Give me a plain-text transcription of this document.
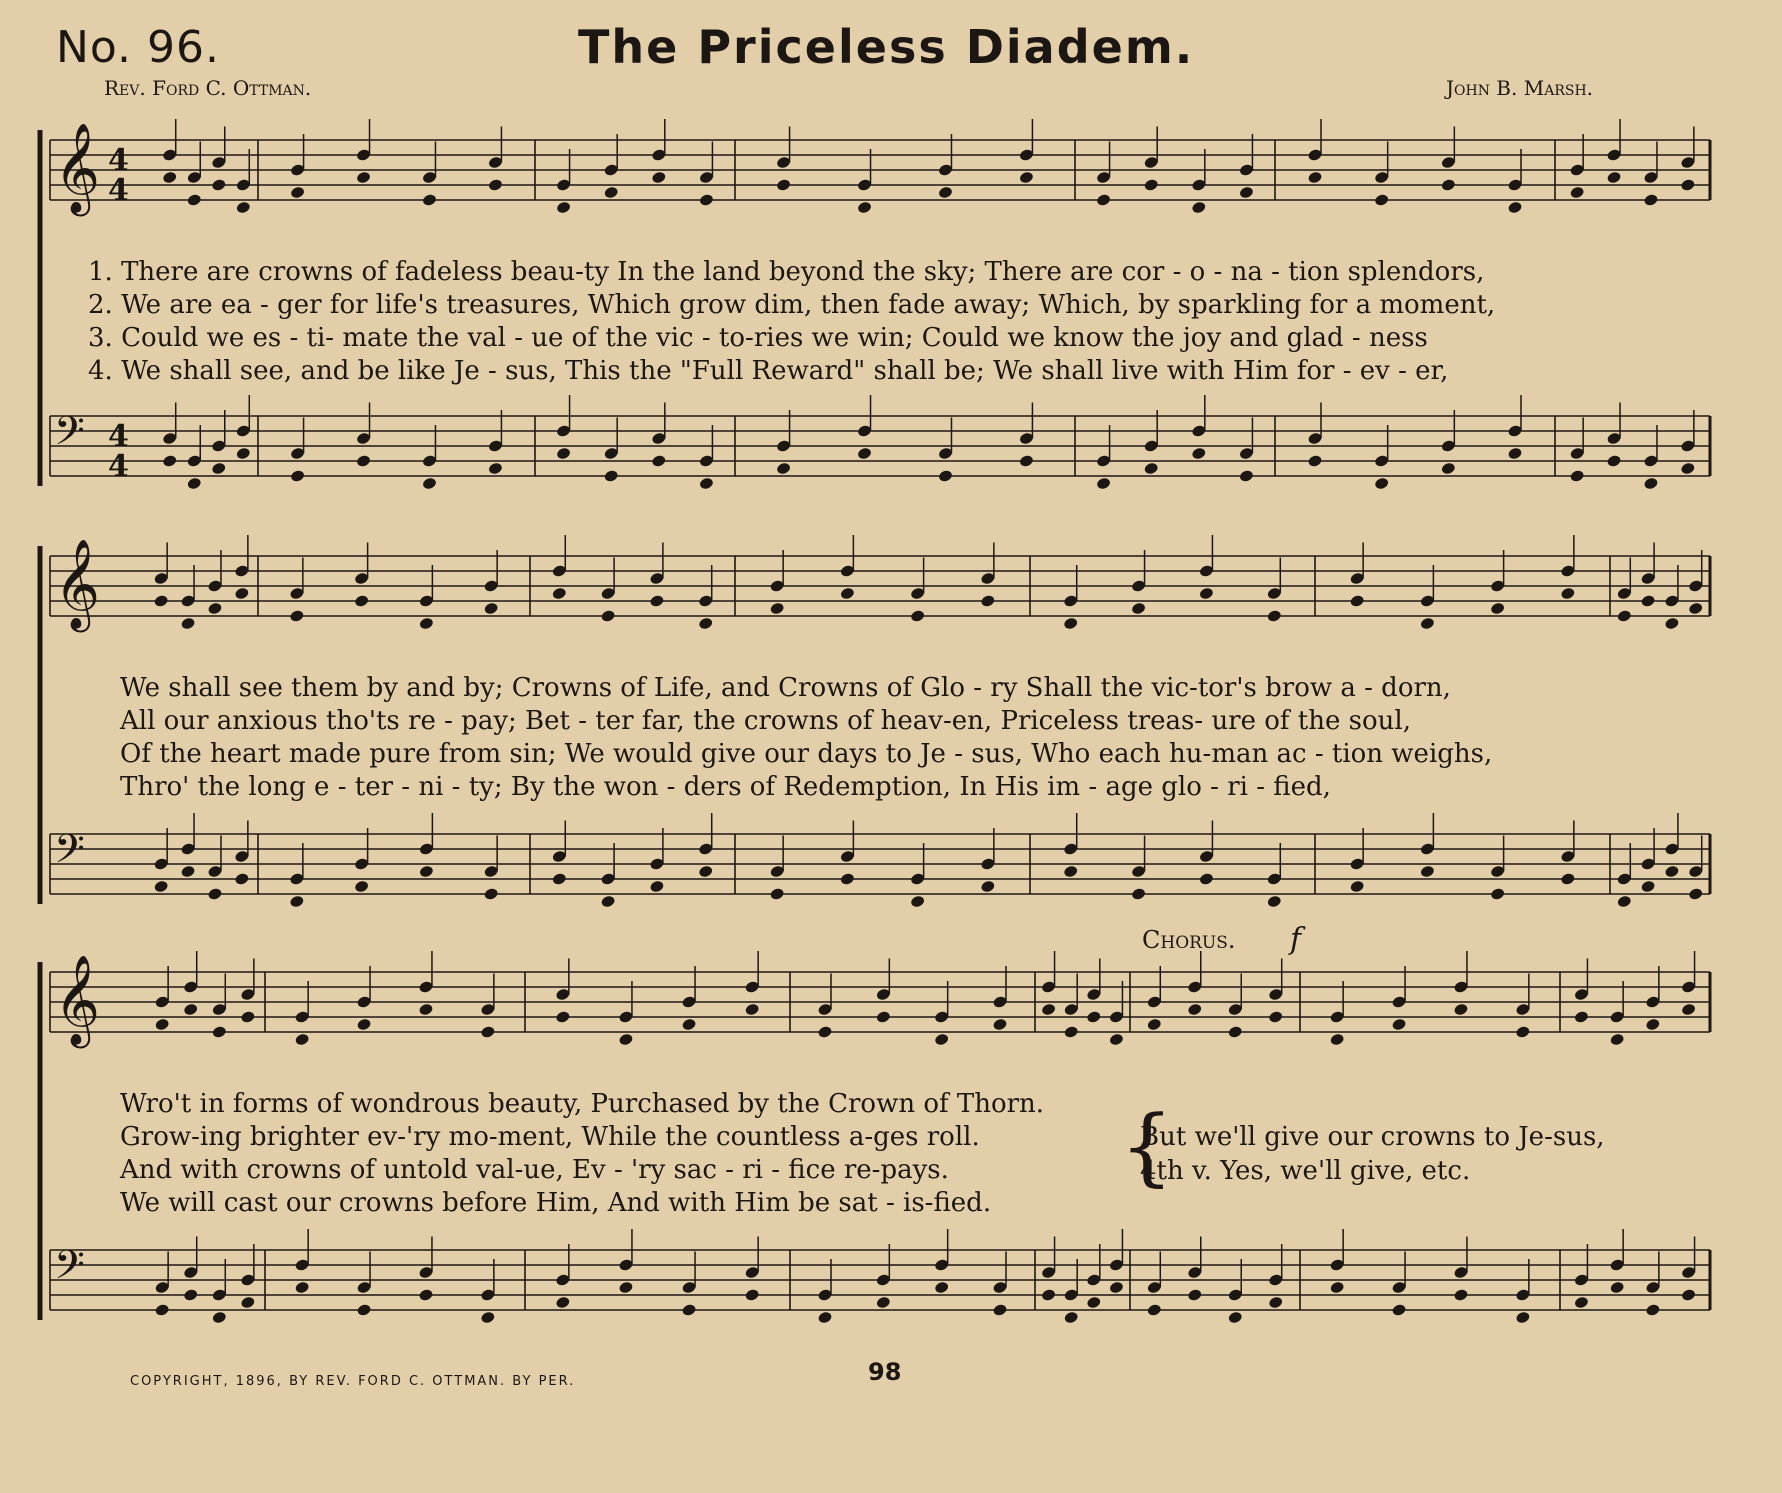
No. 96.	The Priceless Diadem.
Rev. Ford C. Ottman.	John B. Marsh.
𝄞 4
4
𝄢 4
4
𝄞
𝄢
𝄞
𝄢
1. There are crowns of fadeless beau-ty In the land beyond the sky; There are cor - o - na - tion splendors,
2. We are ea - ger for life's treasures, Which grow dim, then fade away; Which, by sparkling for a moment,
3. Could we es - ti- mate the val - ue of the vic - to-ries we win; Could we know the joy and glad - ness
4. We shall see, and be like Je - sus, This the "Full Reward" shall be; We shall live with Him for - ev - er,
We shall see them by and by; Crowns of Life, and Crowns of Glo - ry Shall the vic-tor's brow a - dorn,
All our anxious tho'ts re - pay; Bet - ter far, the crowns of heav-en, Priceless treas- ure of the soul,
Of the heart made pure from sin; We would give our days to Je - sus, Who each hu-man ac - tion weighs,
Thro' the long e - ter - ni - ty; By the won - ders of Redemption, In His im - age glo - ri - fied,
Chorus. f
Wro't in forms of wondrous beauty, Purchased by the Crown of Thorn.
Grow-ing brighter ev-'ry mo-ment, While the countless a-ges roll.
And with crowns of untold val-ue, Ev - 'ry sac - ri - fice re-pays.
We will cast our crowns before Him, And with Him be sat - is-fied.
{
But we'll give our crowns to Je-sus,
4th v. Yes, we'll give, etc.
COPYRIGHT, 1896, BY REV. FORD C. OTTMAN. BY PER.	98
